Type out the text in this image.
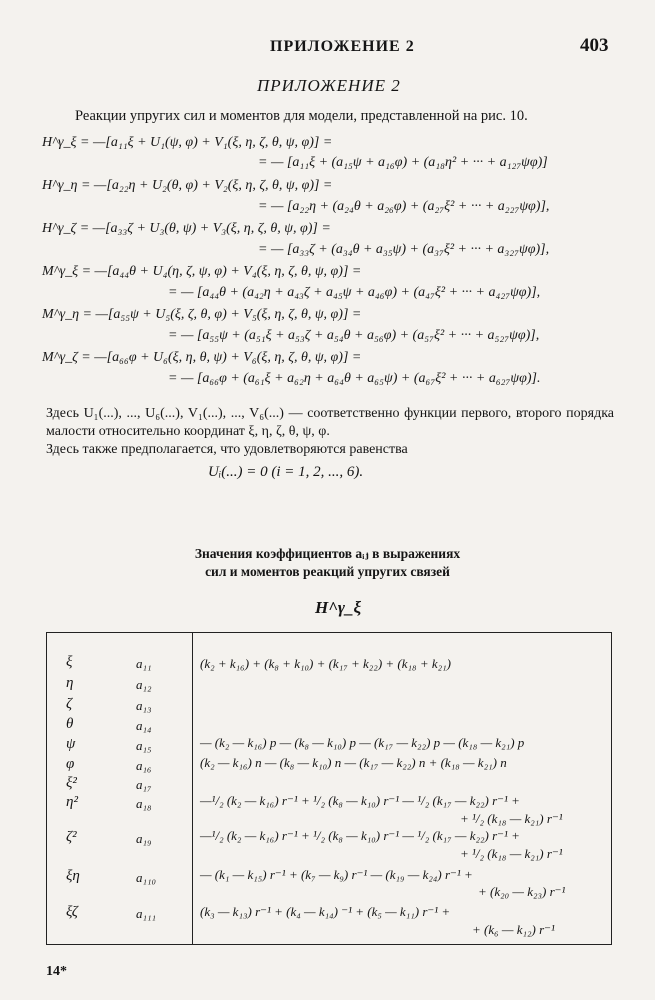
ПРИЛОЖЕНИЕ 2	403
ПРИЛОЖЕНИЕ 2
Реакции упругих сил и моментов для модели, представленной на рис. 10.
H^γ_ξ = —[a₁₁ξ + U₁(ψ, φ) + V₁(ξ, η, ζ, θ, ψ, φ)] =
= — [a₁₁ξ + (a₁₅ψ + a₁₆φ) + (a₁₈η² + ··· + a₁₂₇ψφ)]
H^γ_η = —[a₂₂η + U₂(θ, φ) + V₂(ξ, η, ζ, θ, ψ, φ)] =
= — [a₂₂η + (a₂₄θ + a₂₆φ) + (a₂₇ξ² + ··· + a₂₂₇ψφ)],
H^γ_ζ = —[a₃₃ζ + U₃(θ, ψ) + V₃(ξ, η, ζ, θ, ψ, φ)] =
= — [a₃₃ζ + (a₃₄θ + a₃₅ψ) + (a₃₇ξ² + ··· + a₃₂₇ψφ)],
M^γ_ξ = —[a₄₄θ + U₄(η, ζ, ψ, φ) + V₄(ξ, η, ζ, θ, ψ, φ)] =
= — [a₄₄θ + (a₄₂η + a₄₃ζ + a₄₅ψ + a₄₆φ) + (a₄₇ξ² + ··· + a₄₂₇ψφ)],
M^γ_η = —[a₅₅ψ + U₅(ξ, ζ, θ, φ) + V₅(ξ, η, ζ, θ, ψ, φ)] =
= — [a₅₅ψ + (a₅₁ξ + a₅₃ζ + a₅₄θ + a₅₆φ) + (a₅₇ξ² + ··· + a₅₂₇ψφ)],
M^γ_ζ = —[a₆₆φ + U₆(ξ, η, θ, ψ) + V₆(ξ, η, ζ, θ, ψ, φ)] =
= — [a₆₆φ + (a₆₁ξ + a₆₂η + a₆₄θ + a₆₅ψ) + (a₆₇ξ² + ··· + a₆₂₇ψφ)].
Здесь U₁(...), ..., U₆(...), V₁(...), ..., V₆(...) — соответственно функции первого, второго порядка малости относительно координат ξ, η, ζ, θ, ψ, φ.
Здесь также предполагается, что удовлетворяются равенства
Uᵢ(...) = 0 (i = 1, 2, ..., 6).
Значения коэффициентов aᵢⱼ в выражениях
сил и моментов реакций упругих связей
H^γ_ξ
ξ	a₁₁	(k₂ + k₁₆) + (k₈ + k₁₀) + (k₁₇ + k₂₂) + (k₁₈ + k₂₁)
η	a₁₂
ζ	a₁₃
θ	a₁₄
ψ	a₁₅	— (k₂ — k₁₆) p — (k₈ — k₁₀) p — (k₁₇ — k₂₂) p — (k₁₈ — k₂₁) p
φ	a₁₆	(k₂ — k₁₆) n — (k₈ — k₁₀) n — (k₁₇ — k₂₂) n + (k₁₈ — k₂₁) n
ξ²	a₁₇
η²	a₁₈	—¹/₂ (k₂ — k₁₆) r⁻¹ + ¹/₂ (k₈ — k₁₀) r⁻¹ — ¹/₂ (k₁₇ — k₂₂) r⁻¹ +
+ ¹/₂ (k₁₈ — k₂₁) r⁻¹
ζ²	a₁₉	—¹/₂ (k₂ — k₁₆) r⁻¹ + ¹/₂ (k₈ — k₁₀) r⁻¹ — ¹/₂ (k₁₇ — k₂₂) r⁻¹ +
+ ¹/₂ (k₁₈ — k₂₁) r⁻¹
ξη	a₁₁₀	— (k₁ — k₁₅) r⁻¹ + (k₇ — k₉) r⁻¹ — (k₁₉ — k₂₄) r⁻¹ +
+ (k₂₀ — k₂₃) r⁻¹
ξζ	a₁₁₁	(k₃ — k₁₃) r⁻¹ + (k₄ — k₁₄) ⁻¹ + (k₅ — k₁₁) r⁻¹ +
+ (k₆ — k₁₂) r⁻¹
14*
